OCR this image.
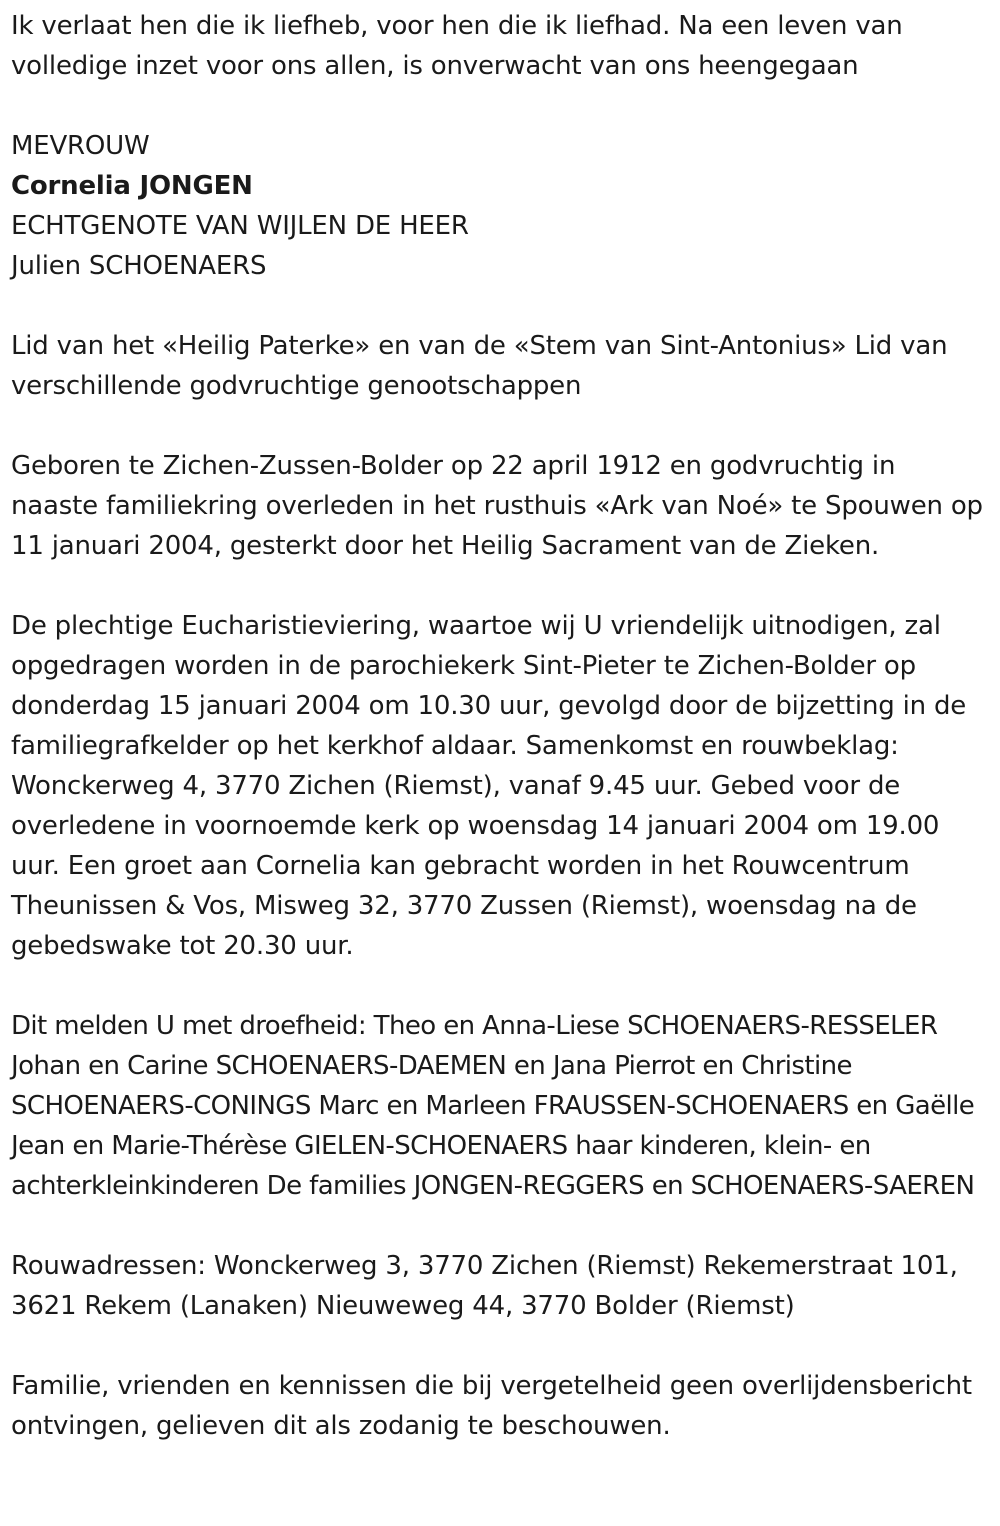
Ik verlaat hen die ik liefheb, voor hen die ik liefhad. Na een leven van volledige inzet voor ons allen, is onverwacht van ons heengegaan

MEVROUW

Cornelia JONGEN

ECHTGENOTE VAN WIJLEN DE HEER

Julien SCHOENAERS

Lid van het «Heilig Paterke» en van de «Stem van Sint-Antonius» Lid van verschillende godvruchtige genootschappen

Geboren te Zichen-Zussen-Bolder op 22 april 1912 en godvruchtig in naaste familiekring overleden in het rusthuis «Ark van Noé» te Spouwen op 11 januari 2004, gesterkt door het Heilig Sacrament van de Zieken.

De plechtige Eucharistieviering, waartoe wij U vriendelijk uitnodigen, zal opgedragen worden in de parochiekerk Sint-Pieter te Zichen-Bolder op donderdag 15 januari 2004 om 10.30 uur, gevolgd door de bijzetting in de familiegrafkelder op het kerkhof aldaar. Samenkomst en rouwbeklag: Wonckerweg 4, 3770 Zichen (Riemst), vanaf 9.45 uur. Gebed voor de overledene in voornoemde kerk op woensdag 14 januari 2004 om 19.00 uur. Een groet aan Cornelia kan gebracht worden in het Rouwcentrum Theunissen & Vos, Misweg 32, 3770 Zussen (Riemst), woensdag na de gebedswake tot 20.30 uur.

Dit melden U met droefheid: Theo en Anna-Liese SCHOENAERS-RESSELER Johan en Carine SCHOENAERS-DAEMEN en Jana Pierrot en Christine SCHOENAERS-CONINGS Marc en Marleen FRAUSSEN-SCHOENAERS en Gaëlle Jean en Marie-Thérèse GIELEN-SCHOENAERS haar kinderen, klein- en achterkleinkinderen De families JONGEN-REGGERS en SCHOENAERS-SAEREN

Rouwadressen: Wonckerweg 3, 3770 Zichen (Riemst) Rekemerstraat 101, 3621 Rekem (Lanaken) Nieuweweg 44, 3770 Bolder (Riemst)

Familie, vrienden en kennissen die bij vergetelheid geen overlijdensbericht ontvingen, gelieven dit als zodanig te beschouwen.
